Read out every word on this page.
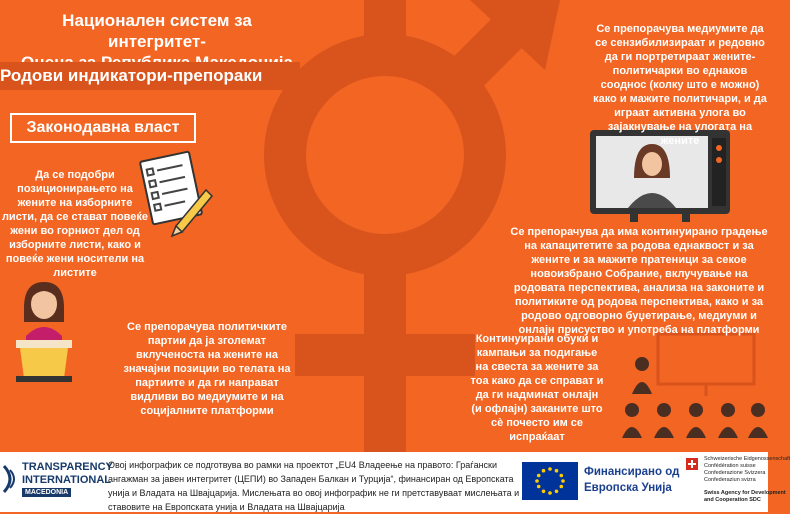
Национален систем за интегритет-
Родови индикатори-препораки
Законодавна власт
Да се подобри позиционирањето на жените на изборните листи, да се стават повеќе жени во горниот дел од изборните листи, како и повеќе жени носители на листите
Се препорачува медиумите да се сензибилизираат и редовно да ги портретираат жените-политичарки во еднаков сооднос (колку што е можно) како и мажите политичари, и да играат активна улога во зајакнување на улогата на жените
Се препорачува политичките партии да ја зголемат вклученоста на жените на значајни позиции во телата на партиите и да ги направат видливи во медиумите и на социјалните платформи
Се препорачува да има континуирано градење на капацитетите за родова еднаквост и за жените и за мажите пратеници за секое новоизбрано Собрание, вклучување на родовата перспектива, анализа на законите и политиките од родова перспектива, како и за родово одговорно буџетирање, медиуми и онлајн присуство и употреба на платформи
Континуирани обуки и кампањи за подигање на свеста за жените за тоа како да се справат и да ги надминат онлајн (и офлајн) заканите што сè почесто им се испраќаат
TRANSPARENCY
INTERNATIONAL
MACEDONIA
Овој инфографик се подготвува во рамки на проектот „EU4 Владеење на правото: Граѓански ангажман за јавен интегритет (ЦЕПИ) во Западен Балкан и Турција“, финансиран од Европската унија и Владата на Швајцарија. Мислењата во овој инфографик не ги претставуваат мислењата и ставовите на Европската унија и Владата на Швајцарија
Финансирано од
Европска Унија
Schweizerische Eidgenossenschaft
Confédération suisse
Confederazione Svizzera
Confederaziun svizra
Swiss Agency for Development
and Cooperation SDC
